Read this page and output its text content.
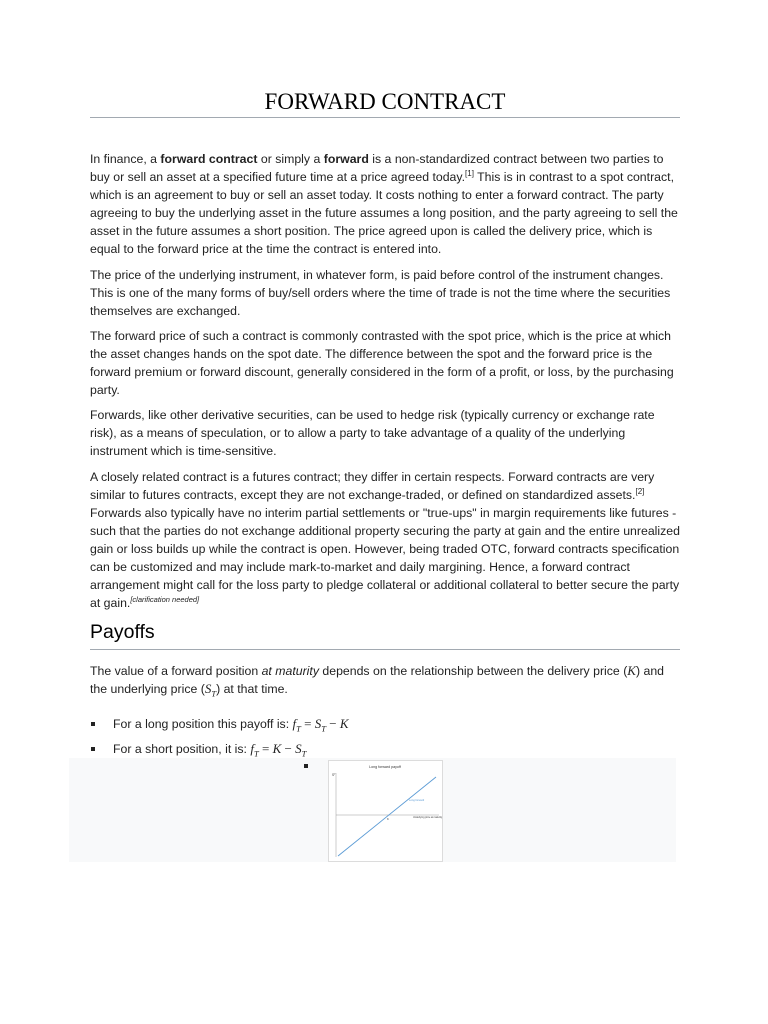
FORWARD CONTRACT

In finance, a forward contract or simply a forward is a non-standardized contract between two parties to buy or sell an asset at a specified future time at a price agreed today.[1] This is in contrast to a spot contract, which is an agreement to buy or sell an asset today. It costs nothing to enter a forward contract. The party agreeing to buy the underlying asset in the future assumes a long position, and the party agreeing to sell the asset in the future assumes a short position. The price agreed upon is called the delivery price, which is equal to the forward price at the time the contract is entered into.

The price of the underlying instrument, in whatever form, is paid before control of the instrument changes. This is one of the many forms of buy/sell orders where the time of trade is not the time where the securities themselves are exchanged.

The forward price of such a contract is commonly contrasted with the spot price, which is the price at which the asset changes hands on the spot date. The difference between the spot and the forward price is the forward premium or forward discount, generally considered in the form of a profit, or loss, by the purchasing party.

Forwards, like other derivative securities, can be used to hedge risk (typically currency or exchange rate risk), as a means of speculation, or to allow a party to take advantage of a quality of the underlying instrument which is time-sensitive.

A closely related contract is a futures contract; they differ in certain respects. Forward contracts are very similar to futures contracts, except they are not exchange-traded, or defined on standardized assets.[2] Forwards also typically have no interim partial settlements or "true-ups" in margin requirements like futures - such that the parties do not exchange additional property securing the party at gain and the entire unrealized gain or loss builds up while the contract is open. However, being traded OTC, forward contracts specification can be customized and may include mark-to-market and daily margining. Hence, a forward contract arrangement might call for the loss party to pledge collateral or additional collateral to better secure the party at gain.[clarification needed]

Payoffs

The value of a forward position at maturity depends on the relationship between the delivery price (K) and the underlying price $(S_T)$ at that time.

For a long position this payoff is: $f_T = S_T - K$
For a short position, it is: $f_T = K - S_T$
Long forward payoff
Sᵀ
Long forward
Underlying price at maturity
K
